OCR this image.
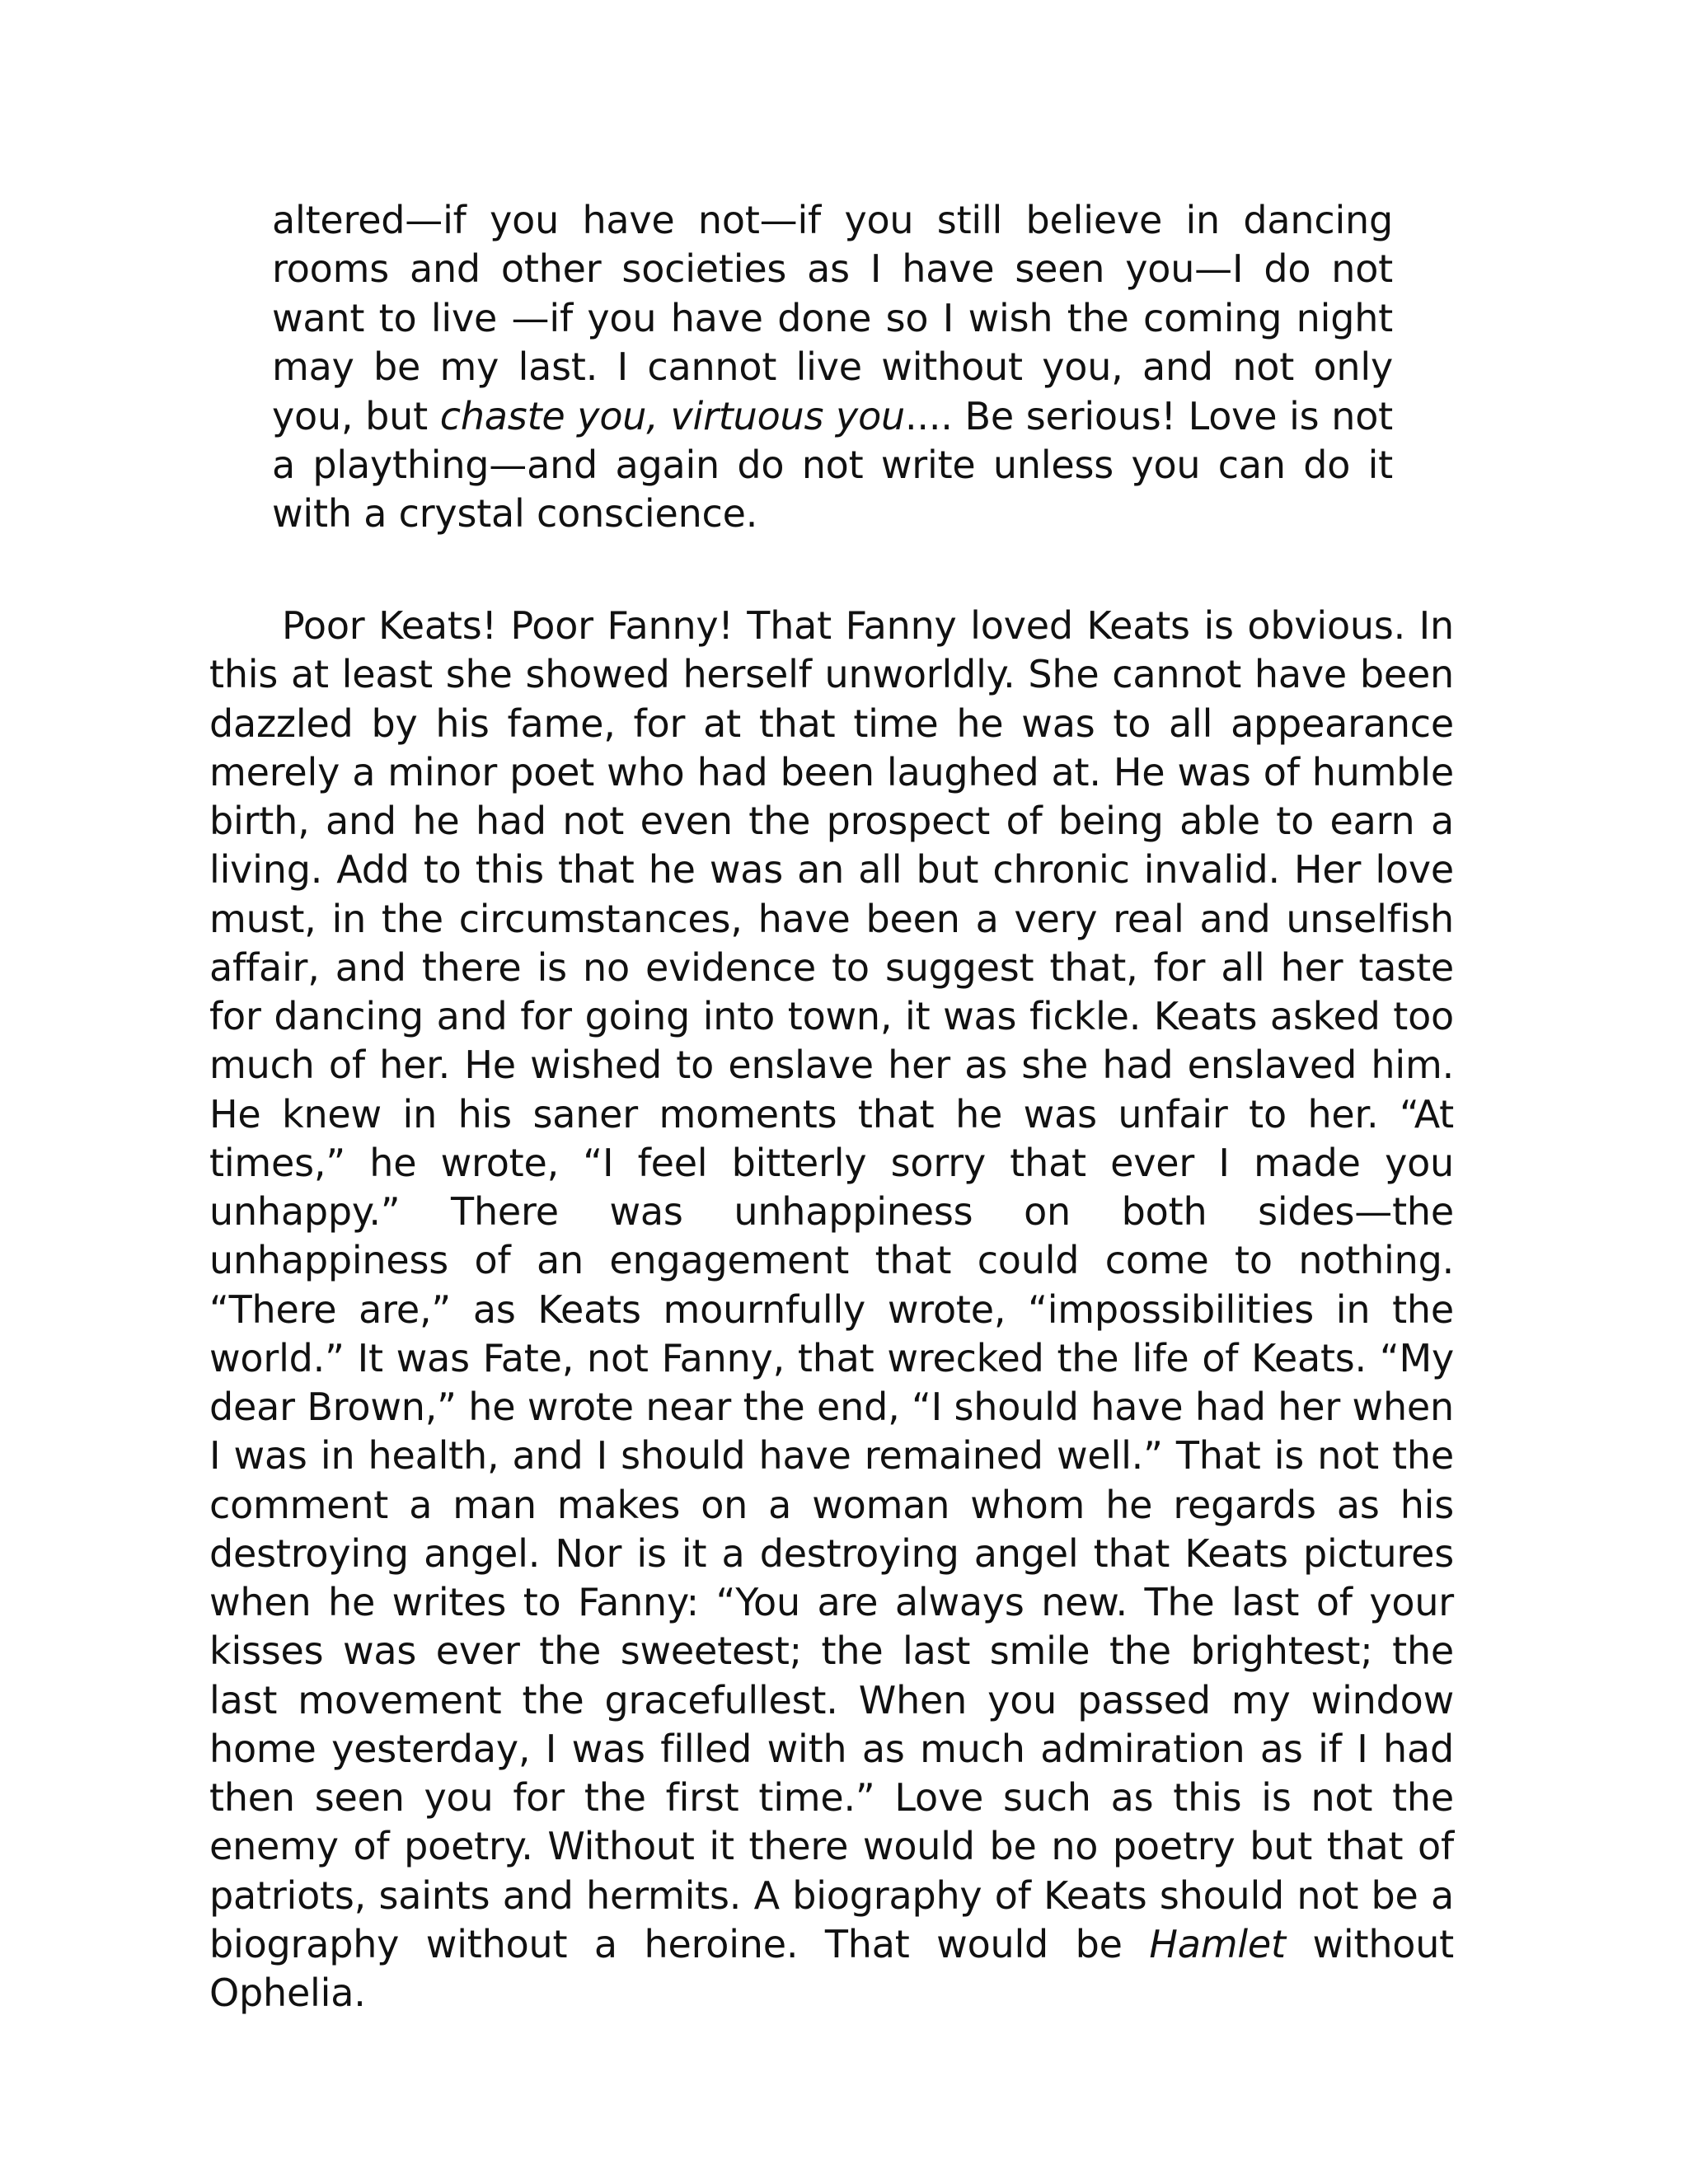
altered—if you have not—if you still believe in dancing rooms and other societies as I have seen you—I do not want to live —if you have done so I wish the coming night may be my last. I cannot live without you, and not only you, but chaste you, virtuous you.... Be serious! Love is not a plaything—and again do not write unless you can do it with a crystal conscience.

Poor Keats! Poor Fanny! That Fanny loved Keats is obvious. In this at least she showed herself unworldly. She cannot have been dazzled by his fame, for at that time he was to all appearance merely a minor poet who had been laughed at. He was of humble birth, and he had not even the prospect of being able to earn a living. Add to this that he was an all but chronic invalid. Her love must, in the circumstances, have been a very real and unselfish affair, and there is no evidence to suggest that, for all her taste for dancing and for going into town, it was fickle. Keats asked too much of her. He wished to enslave her as she had enslaved him. He knew in his saner moments that he was unfair to her. “At times,” he wrote, “I feel bitterly sorry that ever I made you unhappy.” There was unhappiness on both sides—the unhappiness of an engagement that could come to nothing. “There are,” as Keats mournfully wrote, “impossibilities in the world.” It was Fate, not Fanny, that wrecked the life of Keats. “My dear Brown,” he wrote near the end, “I should have had her when I was in health, and I should have remained well.” That is not the comment a man makes on a woman whom he regards as his destroying angel. Nor is it a destroying angel that Keats pictures when he writes to Fanny: “You are always new. The last of your kisses was ever the sweetest; the last smile the brightest; the last movement the gracefullest. When you passed my window home yesterday, I was filled with as much admiration as if I had then seen you for the first time.” Love such as this is not the enemy of poetry. Without it there would be no poetry but that of patriots, saints and hermits. A biography of Keats should not be a biography without a heroine. That would be Hamlet without Ophelia.
